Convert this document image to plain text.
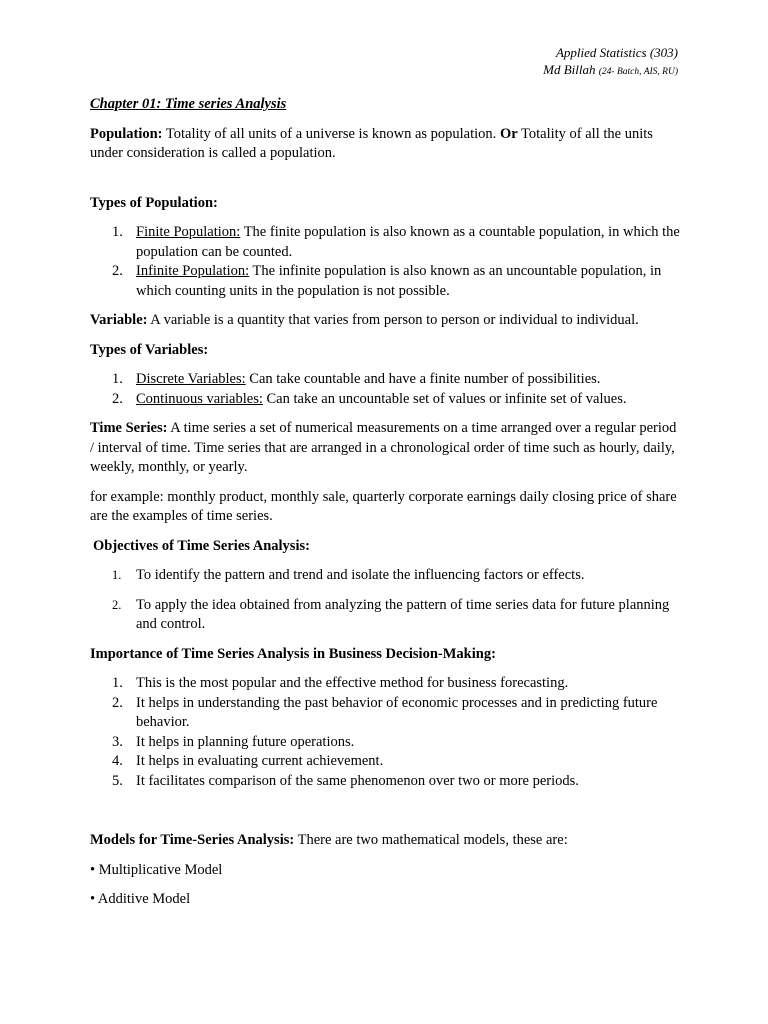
Applied Statistics (303)
Md Billah (24- Batch, AIS, RU)

Chapter 01: Time series Analysis

Population: Totality of all units of a universe is known as population. Or Totality of all the units under consideration is called a population.

Types of Population:

1. Finite Population: The finite population is also known as a countable population, in which the population can be counted.
2. Infinite Population: The infinite population is also known as an uncountable population, in which counting units in the population is not possible.

Variable: A variable is a quantity that varies from person to person or individual to individual.

Types of Variables:

1. Discrete Variables: Can take countable and have a finite number of possibilities.
2. Continuous variables: Can take an uncountable set of values or infinite set of values.

Time Series: A time series a set of numerical measurements on a time arranged over a regular period / interval of time. Time series that are arranged in a chronological order of time such as hourly, daily, weekly, monthly, or yearly.

for example: monthly product, monthly sale, quarterly corporate earnings daily closing price of share are the examples of time series.

Objectives of Time Series Analysis:

1. To identify the pattern and trend and isolate the influencing factors or effects.
2. To apply the idea obtained from analyzing the pattern of time series data for future planning and control.

Importance of Time Series Analysis in Business Decision-Making:

1. This is the most popular and the effective method for business forecasting.
2. It helps in understanding the past behavior of economic processes and in predicting future behavior.
3. It helps in planning future operations.
4. It helps in evaluating current achievement.
5. It facilitates comparison of the same phenomenon over two or more periods.

Models for Time-Series Analysis: There are two mathematical models, these are:

• Multiplicative Model

• Additive Model
